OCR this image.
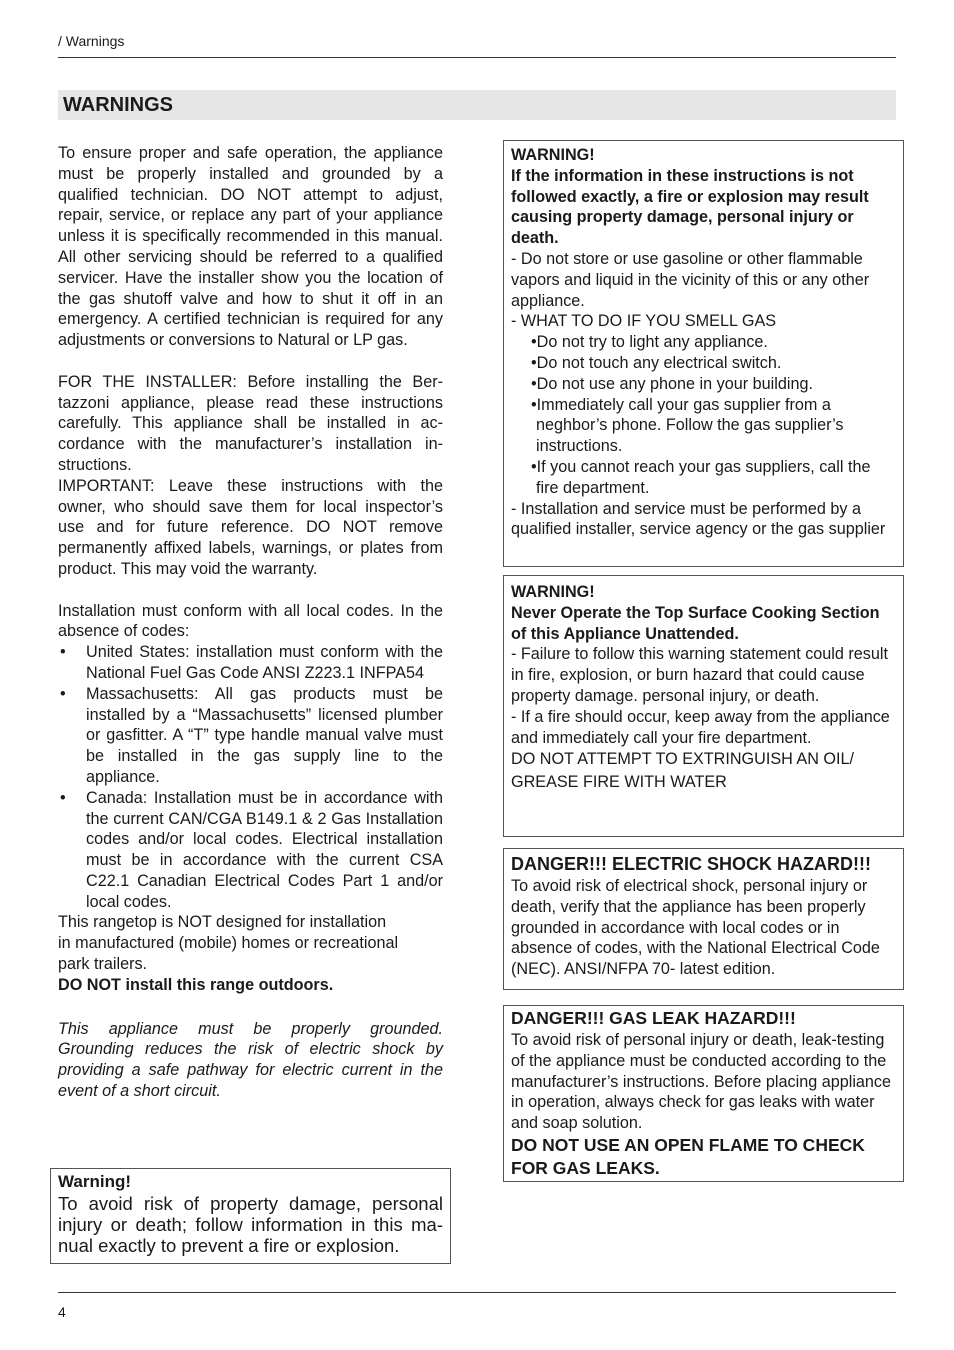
/ Warnings
WARNINGS

To ensure proper and safe operation, the appliance must be properly installed and grounded by a qualified technician. DO NOT attempt to adjust, repair, service, or replace any part of your appliance unless it is specifically recommended in this manual. All other servicing should be referred to a qualified servicer. Have the installer show you the location of the gas shutoff valve and how to shut it off in an emergency. A certified technician is required for any adjustments or conversions to Natural or LP gas.

FOR THE INSTALLER: Before installing the Bertazzoni appliance, please read these instructions carefully. This appliance shall be installed in accordance with the manufacturer’s installation instructions.

IMPORTANT: Leave these instructions with the owner, who should save them for local inspector’s use and for future reference. DO NOT remove permanently affixed labels, warnings, or plates from product. This may void the warranty.

Installation must conform with all local codes. In the absence of codes:

• United States: installation must conform with the National Fuel Gas Code ANSI Z223.1 INFPA54
• Massachusetts: All gas products must be installed by a “Massachusetts” licensed plumber or gasfitter. A “T” type handle manual valve must be installed in the gas supply line to the appliance.
• Canada: Installation must be in accordance with the current CAN/CGA B149.1 & 2 Gas Installation codes and/or local codes. Electrical installation must be in accordance with the current CSA C22.1 Canadian Electrical Codes Part 1 and/or local codes.

This rangetop is NOT designed for installation

in manufactured (mobile) homes or recreational

park trailers.

DO NOT install this range outdoors.

This appliance must be properly grounded. Grounding reduces the risk of electric shock by providing a safe pathway for electric current in the event of a short circuit.

Warning!

To avoid risk of property damage, personal injury or death; follow information in this manual exactly to prevent a fire or explosion.

WARNING!

If the information in these instructions is not followed exactly, a fire or explosion may result causing property damage, personal injury or death.

- Do not store or use gasoline or other flammable vapors and liquid in the vicinity of this or any other appliance.

- WHAT TO DO IF YOU SMELL GAS

•Do not try to light any appliance.

•Do not touch any electrical switch.

•Do not use any phone in your building.

•Immediately call your gas supplier from a neghbor’s phone. Follow the gas supplier’s instructions.

•If you cannot reach your gas suppliers, call the fire department.

- Installation and service must be performed by a qualified installer, service agency or the gas supplier

WARNING!

Never Operate the Top Surface Cooking Section of this Appliance Unattended.

- Failure to follow this warning statement could result in fire, explosion, or burn hazard that could cause property damage. personal injury, or death.

- If a fire should occur, keep away from the appliance and immediately call your fire department.

DO NOT ATTEMPT TO EXTRINGUISH AN OIL/ GREASE FIRE WITH WATER

DANGER!!! ELECTRIC SHOCK HAZARD!!!

To avoid risk of electrical shock, personal injury or death, verify that the appliance has been properly grounded in accordance with local codes or in absence of codes, with the National Electrical Code (NEC). ANSI/NFPA 70- latest edition.

DANGER!!! GAS LEAK HAZARD!!!

To avoid risk of personal injury or death, leak-testing of the appliance must be conducted according to the manufacturer’s instructions. Before placing appliance in operation, always check for gas leaks with water and soap solution.

DO NOT USE AN OPEN FLAME TO CHECK FOR GAS LEAKS.

4
